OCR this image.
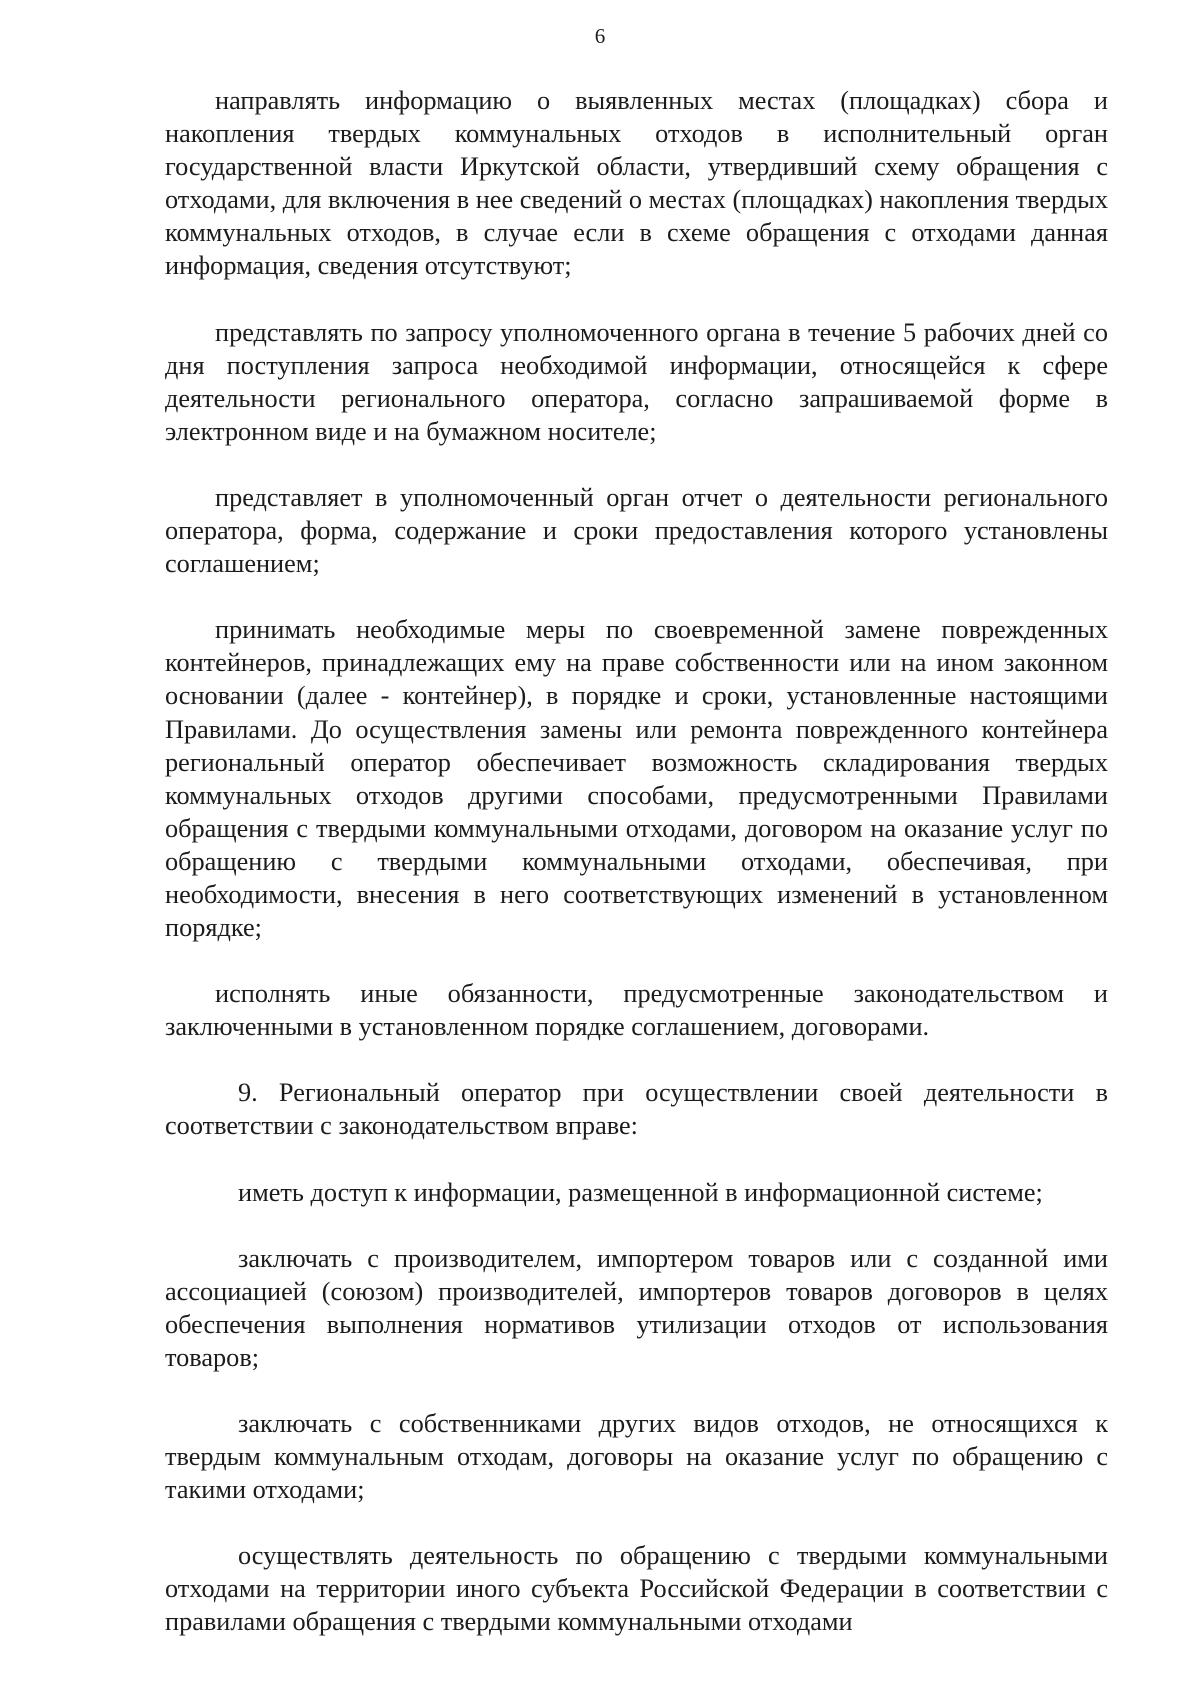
6

направлять информацию о выявленных местах (площадках) сбора и накопления твердых коммунальных отходов в исполнительный орган государственной власти Иркутской области, утвердивший схему обращения с отходами, для включения в нее сведений о местах (площадках) накопления твердых коммунальных отходов, в случае если в схеме обращения с отходами данная информация, сведения отсутствуют;

представлять по запросу уполномоченного органа в течение 5 рабочих дней со дня поступления запроса необходимой информации, относящейся к сфере деятельности регионального оператора, согласно запрашиваемой форме в электронном виде и на бумажном носителе;

представляет в уполномоченный орган отчет о деятельности регионального оператора, форма, содержание и сроки предоставления которого установлены соглашением;

принимать необходимые меры по своевременной замене поврежденных контейнеров, принадлежащих ему на праве собственности или на ином законном основании (далее - контейнер), в порядке и сроки, установленные настоящими Правилами. До осуществления замены или ремонта поврежденного контейнера региональный оператор обеспечивает возможность складирования твердых коммунальных отходов другими способами, предусмотренными Правилами обращения с твердыми коммунальными отходами, договором на оказание услуг по обращению с твердыми коммунальными отходами, обеспечивая, при необходимости, внесения в него соответствующих изменений в установленном порядке;

исполнять иные обязанности, предусмотренные законодательством и заключенными в установленном порядке соглашением, договорами.

9. Региональный оператор при осуществлении своей деятельности в соответствии с законодательством вправе:

иметь доступ к информации, размещенной в информационной системе;

заключать с производителем, импортером товаров или с созданной ими ассоциацией (союзом) производителей, импортеров товаров договоров в целях обеспечения выполнения нормативов утилизации отходов от использования товаров;

заключать с собственниками других видов отходов, не относящихся к твердым коммунальным отходам, договоры на оказание услуг по обращению с такими отходами;

осуществлять деятельность по обращению с твердыми коммунальными отходами на территории иного субъекта Российской Федерации в соответствии с правилами обращения с твердыми коммунальными отходами
